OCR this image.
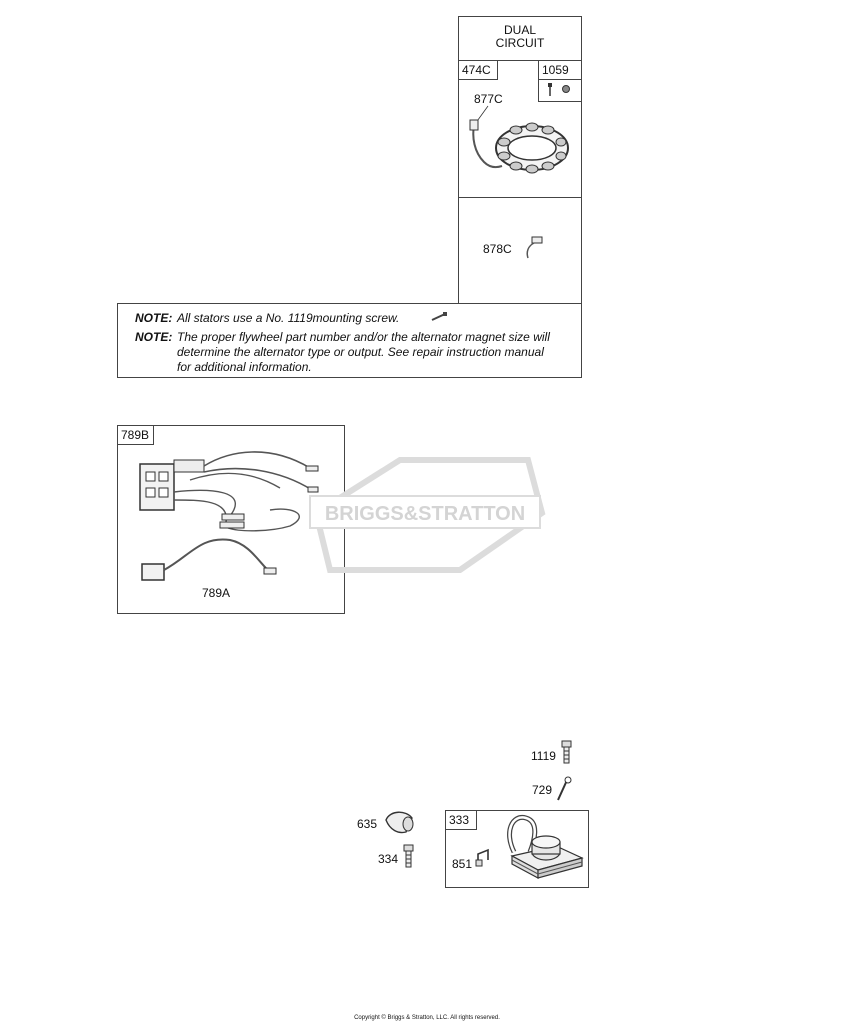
DUAL
CIRCUIT
474C	1059
877C
878C
NOTE: All stators use a No. 1119mounting screw.
NOTE: The proper flywheel part number and/or the alternator magnet size will
determine the alternator type or output. See repair instruction manual
for additional information.
789B
789A
BRIGGS&STRATTON
1119
729
635
334
333
851
Copyright © Briggs & Stratton, LLC. All rights reserved.
